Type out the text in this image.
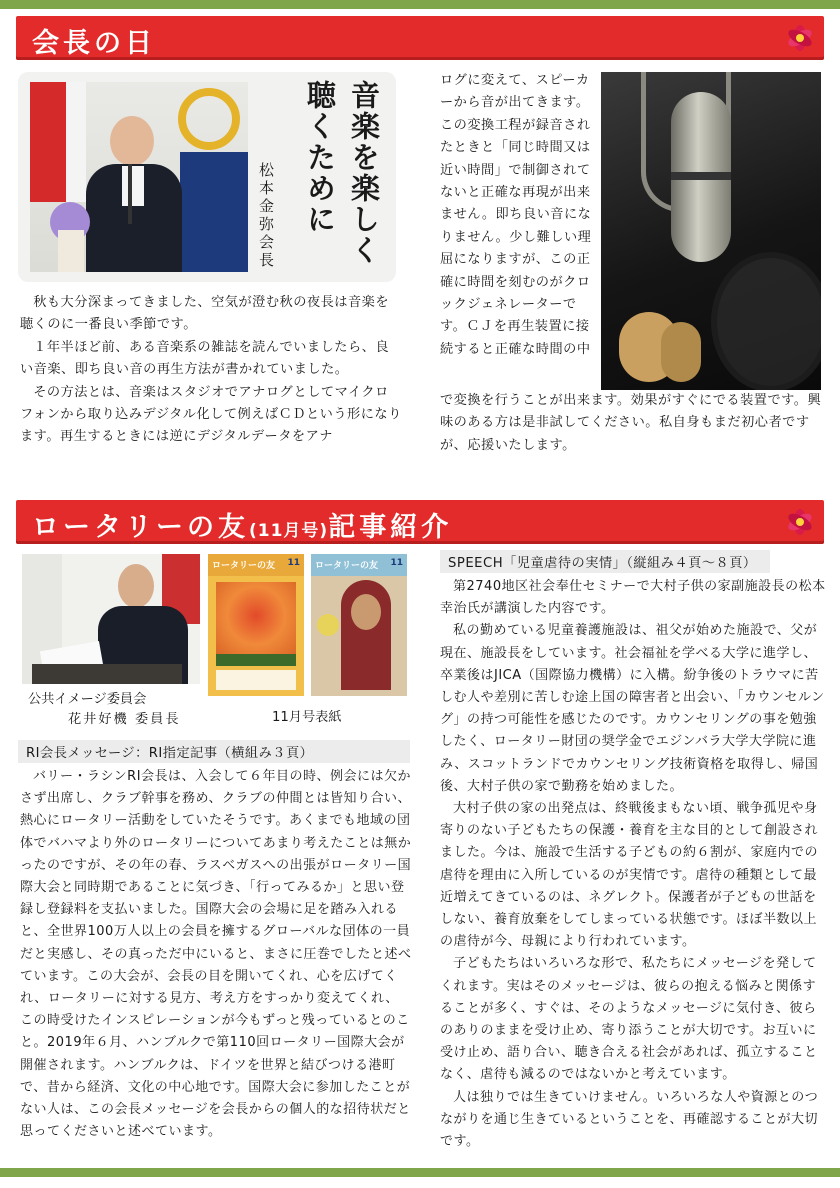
会長の日
音楽を楽しく聴くために
松本金弥会長
秋も大分深まってきました、空気が澄む秋の夜長は音楽を聴くのに一番良い季節です。
１年半ほど前、ある音楽系の雑誌を読んでいましたら、良い音楽、即ち良い音の再生方法が書かれていました。
その方法とは、音楽はスタジオでアナログとしてマイクロフォンから取り込みデジタル化して例えばＣＤという形になります。再生するときには逆にデジタルデータをアナ
ログに変えて、スピーカーから音が出てきます。この変換工程が録音されたときと「同じ時間又は近い時間」で制御されてないと正確な再現が出来ません。即ち良い音になりません。少し難しい理屈になりますが、この正確に時間を刻むのがクロックジェネレーターです。ＣＪを再生装置に接続すると正確な時間の中
で変換を行うことが出来ます。効果がすぐにでる装置です。興味のある方は是非試してください。私自身もまだ初心者ですが、応援いたします。
ロータリーの友(11月号)記事紹介
ロータリーの友 11 ロータリーの友 11
公共イメージ委員会
花井好機 委員長	11月号表紙
RI会長メッセージ：RI指定記事（横組み３頁）
バリー・ラシンRI会長は、入会して６年目の時、例会には欠かさず出席し、クラブ幹事を務め、クラブの仲間とは皆知り合い、熱心にロータリー活動をしていたそうです。あくまでも地域の団体でバハマより外のロータリーについてあまり考えたことは無かったのですが、その年の春、ラスベガスへの出張がロータリー国際大会と同時期であることに気づき、「行ってみるか」と思い登録し登録料を支払いました。国際大会の会場に足を踏み入れると、全世界100万人以上の会員を擁するグローバルな団体の一員だと実感し、その真っただ中にいると、まさに圧巻でしたと述べています。この大会が、会長の目を開いてくれ、心を広げてくれ、ロータリーに対する見方、考え方をすっかり変えてくれ、この時受けたインスピレーションが今もずっと残っているとのこと。2019年６月、ハンブルクで第110回ロータリー国際大会が開催されます。ハンブルクは、ドイツを世界と結びつける港町で、昔から経済、文化の中心地です。国際大会に参加したことがない人は、この会長メッセージを会長からの個人的な招待状だと思ってくださいと述べています。
SPEECH「児童虐待の実情」（縦組み４頁～８頁）
第2740地区社会奉仕セミナーで大村子供の家副施設長の松本幸治氏が講演した内容です。
私の勤めている児童養護施設は、祖父が始めた施設で、父が現在、施設長をしています。社会福祉を学べる大学に進学し、卒業後はJICA（国際協力機構）に入構。紛争後のトラウマに苦しむ人や差別に苦しむ途上国の障害者と出会い、「カウンセルング」の持つ可能性を感じたのです。カウンセリングの事を勉強したく、ロータリー財団の奨学金でエジンバラ大学大学院に進み、スコットランドでカウンセリング技術資格を取得し、帰国後、大村子供の家で勤務を始めました。
大村子供の家の出発点は、終戦後まもない頃、戦争孤児や身寄りのない子どもたちの保護・養育を主な目的として創設されました。今は、施設で生活する子どもの約６割が、家庭内での虐待を理由に入所しているのが実情です。虐待の種類として最近増えてきているのは、ネグレクト。保護者が子どもの世話をしない、養育放棄をしてしまっている状態です。ほぼ半数以上の虐待が今、母親により行われています。
子どもたちはいろいろな形で、私たちにメッセージを発してくれます。実はそのメッセージは、彼らの抱える悩みと関係することが多く、すぐは、そのようなメッセージに気付き、彼らのありのままを受け止め、寄り添うことが大切です。お互いに受け止め、語り合い、聴き合える社会があれば、孤立することなく、虐待も減るのではないかと考えています。
人は独りでは生きていけません。いろいろな人や資源とのつながりを通じ生きているということを、再確認することが大切です。
